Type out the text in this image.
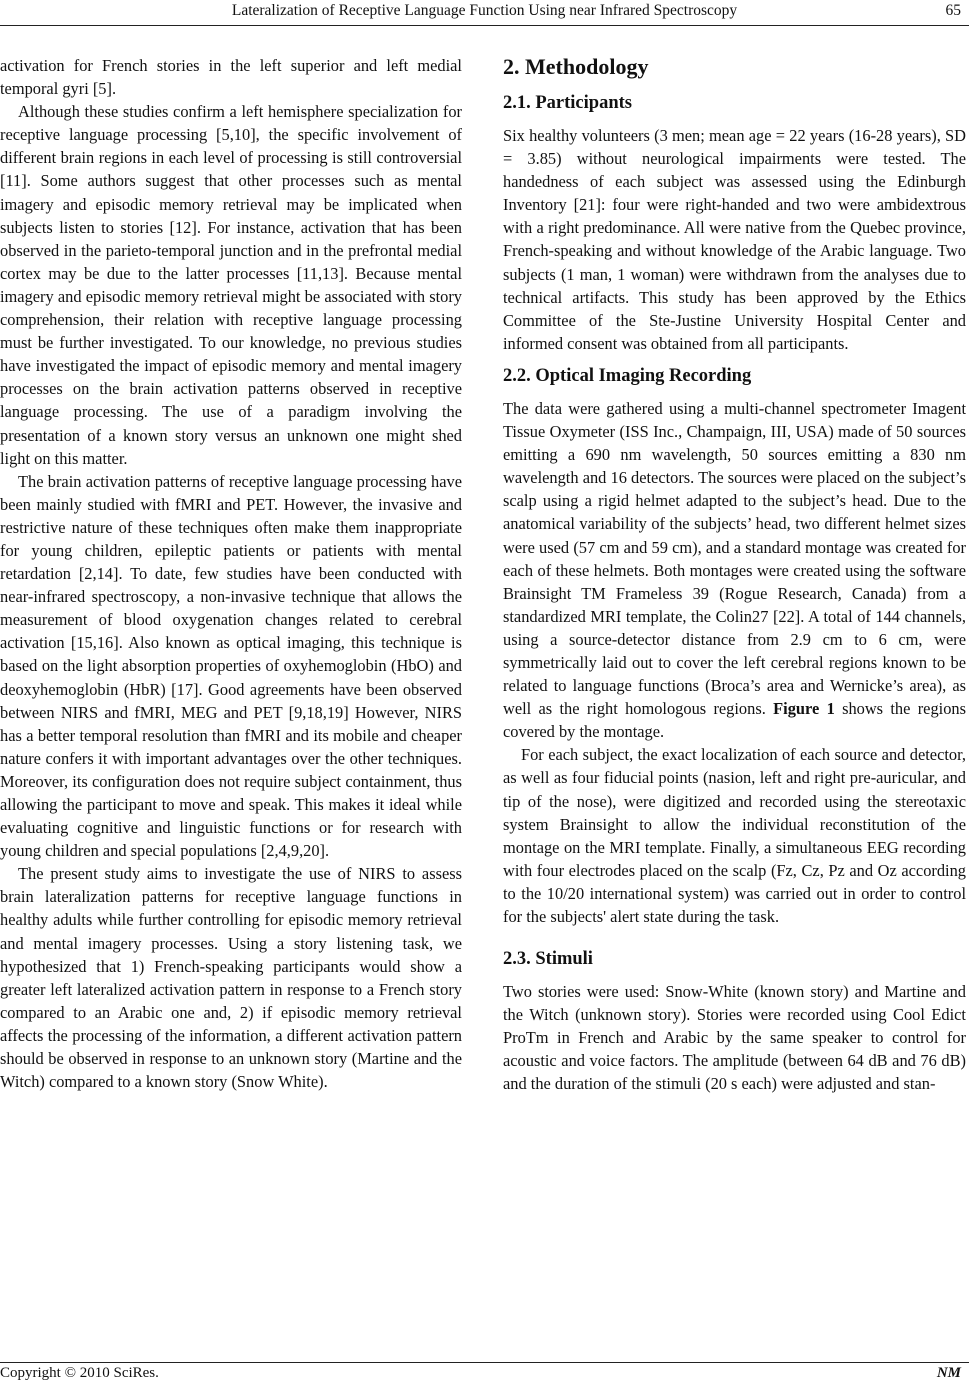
Lateralization of Receptive Language Function Using near Infrared Spectroscopy	65

activation for French stories in the left superior and left medial temporal gyri [5].

Although these studies confirm a left hemisphere specialization for receptive language processing [5,10], the specific involvement of different brain regions in each level of processing is still controversial [11]. Some authors suggest that other processes such as mental imagery and episodic memory retrieval may be implicated when subjects listen to stories [12]. For instance, activation that has been observed in the parieto-temporal junction and in the prefrontal medial cortex may be due to the latter processes [11,13]. Because mental imagery and episodic memory retrieval might be associated with story comprehension, their relation with receptive language processing must be further investigated. To our knowledge, no previous studies have investigated the impact of episodic memory and mental imagery processes on the brain activation patterns observed in receptive language processing. The use of a paradigm involving the presentation of a known story versus an unknown one might shed light on this matter.

The brain activation patterns of receptive language processing have been mainly studied with fMRI and PET. However, the invasive and restrictive nature of these techniques often make them inappropriate for young children, epileptic patients or patients with mental retardation [2,14]. To date, few studies have been conducted with near-infrared spectroscopy, a non-invasive technique that allows the measurement of blood oxygenation changes related to cerebral activation [15,16]. Also known as optical imaging, this technique is based on the light absorption properties of oxyhemoglobin (HbO) and deoxyhemoglobin (HbR) [17]. Good agreements have been observed between NIRS and fMRI, MEG and PET [9,18,19] However, NIRS has a better temporal resolution than fMRI and its mobile and cheaper nature confers it with important advantages over the other techniques. Moreover, its configuration does not require subject containment, thus allowing the participant to move and speak. This makes it ideal while evaluating cognitive and linguistic functions or for research with young children and special populations [2,4,9,20].

The present study aims to investigate the use of NIRS to assess brain lateralization patterns for receptive language functions in healthy adults while further controlling for episodic memory retrieval and mental imagery processes. Using a story listening task, we hypothesized that 1) French-speaking participants would show a greater left lateralized activation pattern in response to a French story compared to an Arabic one and, 2) if episodic memory retrieval affects the processing of the information, a different activation pattern should be observed in response to an unknown story (Martine and the Witch) compared to a known story (Snow White).

2. Methodology
2.1. Participants

Six healthy volunteers (3 men; mean age = 22 years (16-28 years), SD = 3.85) without neurological impairments were tested. The handedness of each subject was assessed using the Edinburgh Inventory [21]: four were right-handed and two were ambidextrous with a right predominance. All were native from the Quebec province, French-speaking and without knowledge of the Arabic language. Two subjects (1 man, 1 woman) were withdrawn from the analyses due to technical artifacts. This study has been approved by the Ethics Committee of the Ste-Justine University Hospital Center and informed consent was obtained from all participants.

2.2. Optical Imaging Recording

The data were gathered using a multi-channel spectrometer Imagent Tissue Oxymeter (ISS Inc., Champaign, III, USA) made of 50 sources emitting a 690 nm wavelength, 50 sources emitting a 830 nm wavelength and 16 detectors. The sources were placed on the subject’s scalp using a rigid helmet adapted to the subject’s head. Due to the anatomical variability of the subjects’ head, two different helmet sizes were used (57 cm and 59 cm), and a standard montage was created for each of these helmets. Both montages were created using the software Brainsight TM Frameless 39 (Rogue Research, Canada) from a standardized MRI template, the Colin27 [22]. A total of 144 channels, using a source-detector distance from 2.9 cm to 6 cm, were symmetrically laid out to cover the left cerebral regions known to be related to language functions (Broca’s area and Wernicke’s area), as well as the right homologous regions. Figure 1 shows the regions covered by the montage.

For each subject, the exact localization of each source and detector, as well as four fiducial points (nasion, left and right pre-auricular, and tip of the nose), were digitized and recorded using the stereotaxic system Brainsight to allow the individual reconstitution of the montage on the MRI template. Finally, a simultaneous EEG recording with four electrodes placed on the scalp (Fz, Cz, Pz and Oz according to the 10/20 international system) was carried out in order to control for the subjects' alert state during the task.

2.3. Stimuli

Two stories were used: Snow-White (known story) and Martine and the Witch (unknown story). Stories were recorded using Cool Edict ProTm in French and Arabic by the same speaker to control for acoustic and voice factors. The amplitude (between 64 dB and 76 dB) and the duration of the stimuli (20 s each) were adjusted and stan-

Copyright © 2010 SciRes.	NM
